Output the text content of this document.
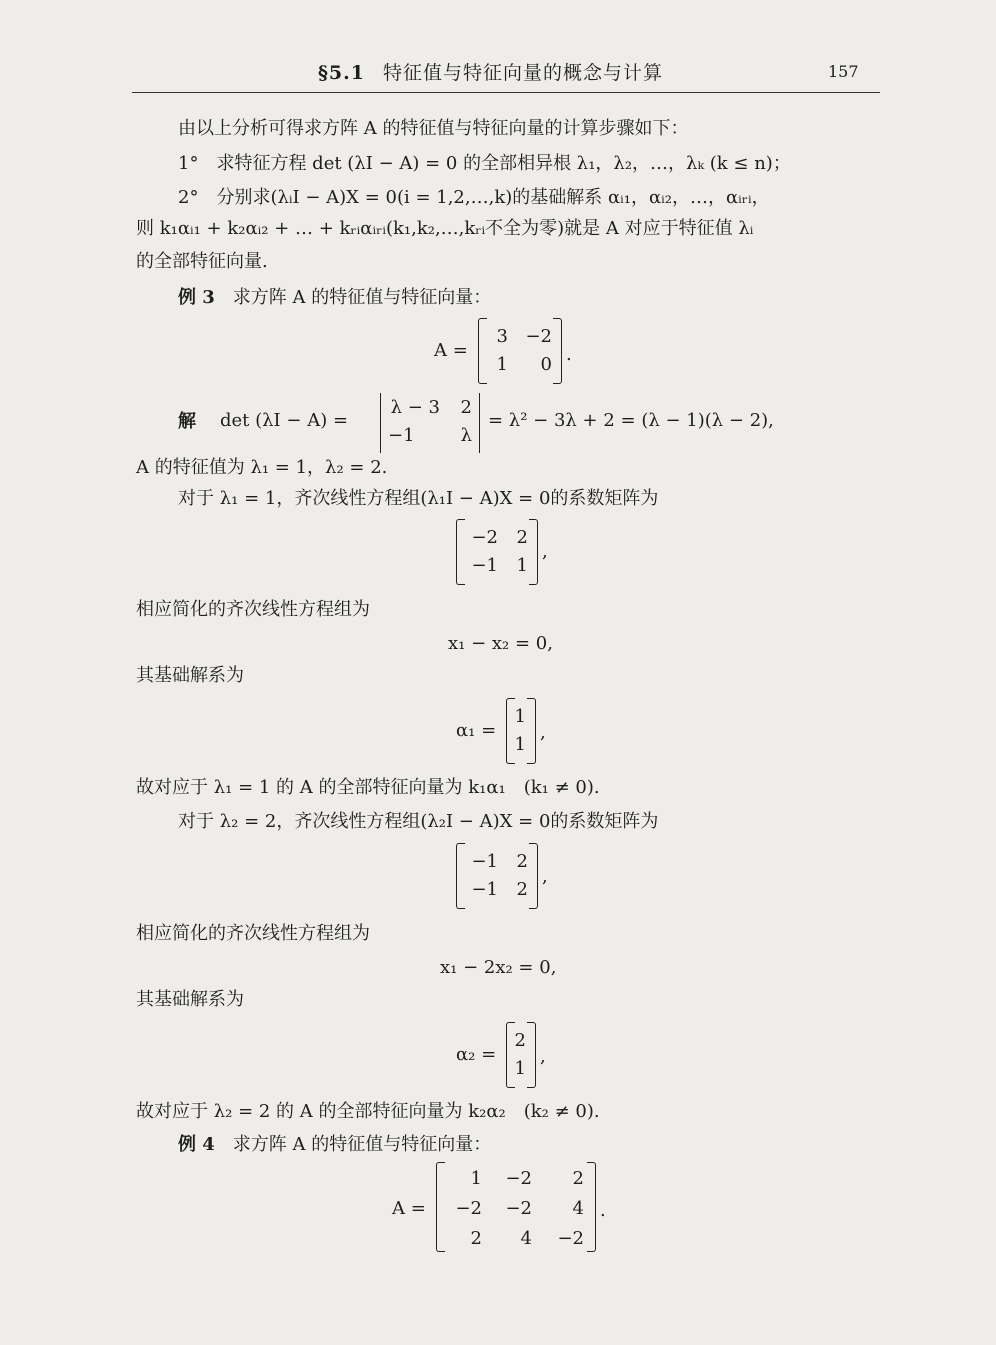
§5.1 特征值与特征向量的概念与计算	157
由以上分析可得求方阵 A 的特征值与特征向量的计算步骤如下：
1°　求特征方程 det (λI − A) = 0 的全部相异根 λ₁，λ₂，…，λₖ (k ≤ n)；
2°　分别求(λᵢI − A)X = 0(i = 1,2,…,k)的基础解系 αᵢ₁，αᵢ₂，…，αᵢᵣᵢ，
则 k₁αᵢ₁ + k₂αᵢ₂ + … + kᵣᵢαᵢᵣᵢ(k₁,k₂,…,kᵣᵢ不全为零)就是 A 对应于特征值 λᵢ
的全部特征向量.
例 3　 求方阵 A 的特征值与特征向量：
A =
3 −2
1	0 .
解 det (λI − A) =
λ − 3	2
−1	λ
= λ² − 3λ + 2 = (λ − 1)(λ − 2),
A 的特征值为 λ₁ = 1，λ₂ = 2.
对于 λ₁ = 1，齐次线性方程组(λ₁I − A)X = 0的系数矩阵为
−2	2
−1	1
,
相应简化的齐次线性方程组为
x₁ − x₂ = 0,
其基础解系为
α₁ =
1
1
,
故对应于 λ₁ = 1 的 A 的全部特征向量为 k₁α₁　(k₁ ≠ 0).
对于 λ₂ = 2，齐次线性方程组(λ₂I − A)X = 0的系数矩阵为
−1	2
−1	2
,
相应简化的齐次线性方程组为
x₁ − 2x₂ = 0,
其基础解系为
α₂ =
2
1
,
故对应于 λ₂ = 2 的 A 的全部特征向量为 k₂α₂　(k₂ ≠ 0).
例 4　 求方阵 A 的特征值与特征向量：
A =
1	−2	2
−2	−2	4
2	4	−2
.
